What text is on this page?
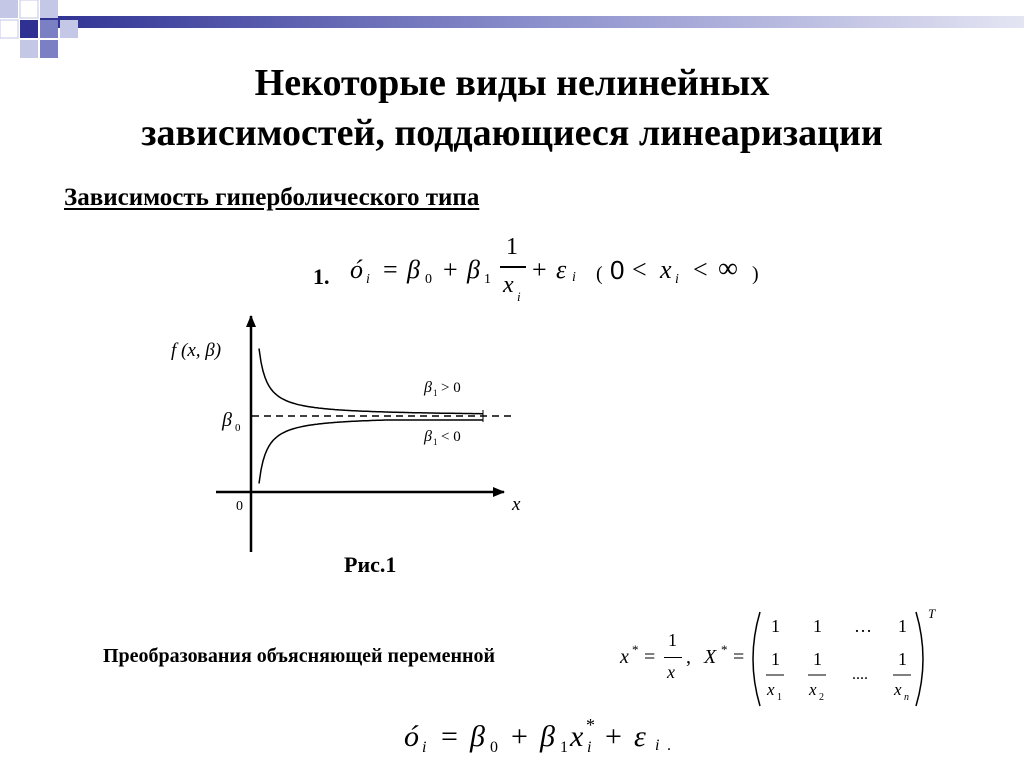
Некоторые виды нелинейных
зависимостей, поддающиеся линеаризации
Зависимость гиперболического типа
1. ó i = β 0 + β 1
1
x i
+ ε i ( 0 < x i < ∞ )
f (x, β)
x
0
β 0
β 1 > 0
β 1 < 0
Рис.1
Преобразования объясняющей переменной	x * =
1
x
, X * =
1 1 … 1
1 1	1
x 1 x 2
....
x n
T
ó i = β 0 + β 1 x *
i + ε i .
